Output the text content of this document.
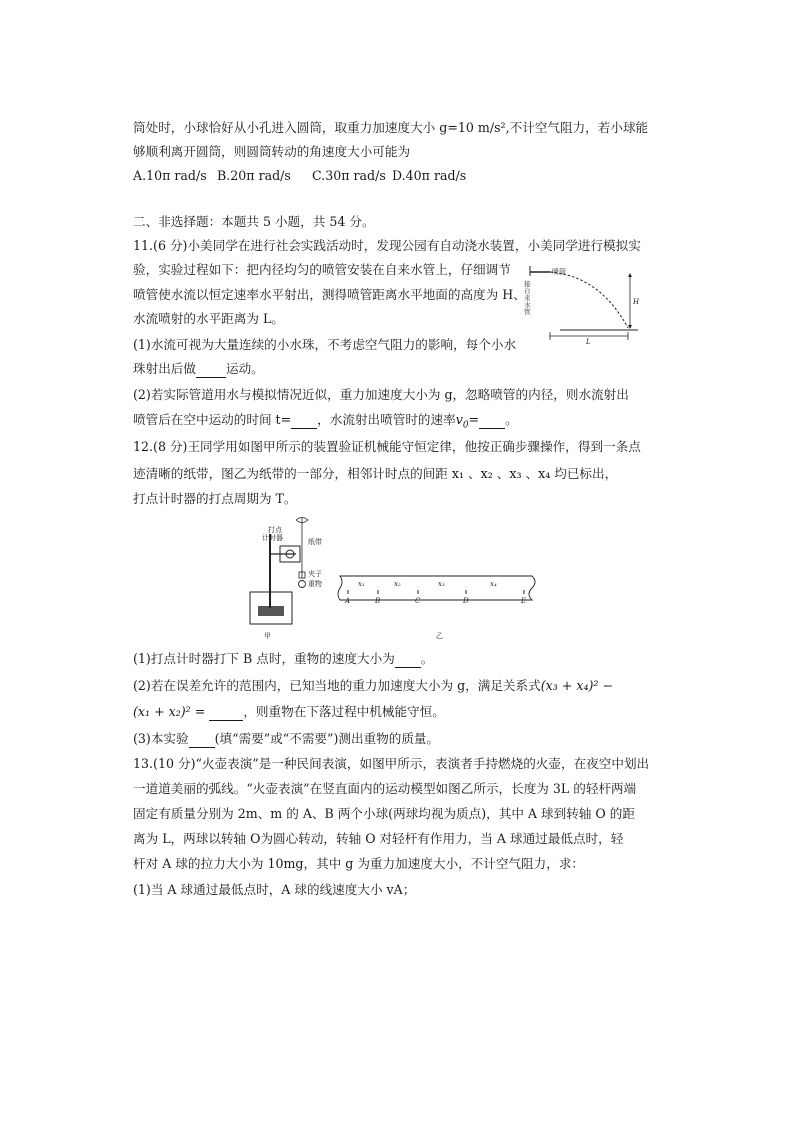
筒处时，小球恰好从小孔进入圆筒，取重力加速度大小 g=10 m/s²,不计空气阻力，若小球能
够顺利离开圆筒，则圆筒转动的角速度大小可能为
A.10π rad/s B.20π rad/s C.30π rad/s D.40π rad/s
二、非选择题：本题共 5 小题，共 54 分。
11.(6 分)小美同学在进行社会实践活动时，发现公园有自动浇水装置，小美同学进行模拟实
验，实验过程如下：把内径均匀的喷管安装在自来水管上，仔细调节
喷管使水流以恒定速率水平射出，测得喷管距离水平地面的高度为 H、
水流喷射的水平距离为 L。
(1)水流可视为大量连续的小水珠，不考虑空气阻力的影响，每个小水
珠射出后做 运动。
(2)若实际管道用水与模拟情况近似，重力加速度大小为 g，忽略喷管的内径，则水流射出
喷管后在空中运动的时间 t= ，水流射出喷管时的速率$v_0=$ 。
喷管
接自来水管
H
L
12.(8 分)王同学用如图甲所示的装置验证机械能守恒定律，他按正确步骤操作，得到一条点
迹清晰的纸带，图乙为纸带的一部分，相邻计时点的间距 x₁ 、x₂ 、x₃ 、x₄ 均已标出，
打点计时器的打点周期为 T。
打点计时器	纸带
夹子
重物
甲
A	B	C	D	E
x₁	x₂	x₃	x₄
乙
(1)打点计时器打下 B 点时，重物的速度大小为 。
(2)若在误差允许的范围内，已知当地的重力加速度大小为 g，满足关系式(x₃ + x₄)² −
(x₁ + x₂)² =	，则重物在下落过程中机械能守恒。
(3)本实验 (填“需要”或“不需要”)测出重物的质量。
13.(10 分)“火壶表演”是一种民间表演，如图甲所示，表演者手持燃烧的火壶，在夜空中划出
一道道美丽的弧线。“火壶表演”在竖直面内的运动模型如图乙所示，长度为 3L 的轻杆两端
固定有质量分别为 2m、m 的 A、B 两个小球(两球均视为质点)，其中 A 球到转轴 O 的距
离为 L，两球以转轴 O为圆心转动，转轴 O 对轻杆有作用力，当 A 球通过最低点时，轻
杆对 A 球的拉力大小为 10mg，其中 g 为重力加速度大小，不计空气阻力，求：
(1)当 A 球通过最低点时，A 球的线速度大小 vA；
